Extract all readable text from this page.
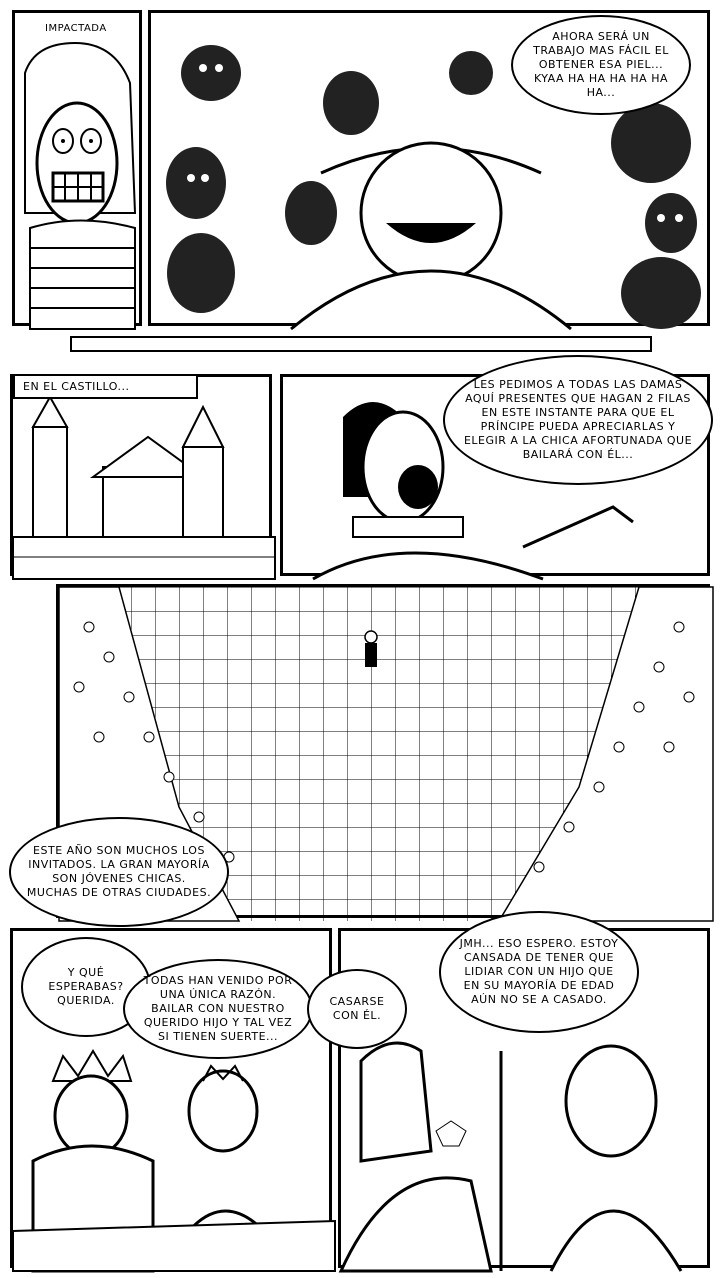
IMPACTADA
AHORA SERÁ UN TRABAJO MAS FÁCIL EL OBTENER ESA PIEL... KYAA HA HA HA HA HA HA...
EN EL CASTILLO...	LES PEDIMOS A TODAS LAS DAMAS AQUÍ PRESENTES QUE HAGAN 2 FILAS EN ESTE INSTANTE PARA QUE EL PRÍNCIPE PUEDA APRECIARLAS Y ELEGIR A LA CHICA AFORTUNADA QUE BAILARÁ CON ÉL...
ESTE AÑO SON MUCHOS LOS INVITADOS. LA GRAN MAYORÍA SON JÓVENES CHICAS. MUCHAS DE OTRAS CIUDADES.
Y QUÉ ESPERABAS? QUERIDA.
TODAS HAN VENIDO POR UNA ÚNICA RAZÓN. BAILAR CON NUESTRO QUERIDO HIJO Y TAL VEZ SI TIENEN SUERTE...
CASARSE CON ÉL.
JMH... ESO ESPERO. ESTOY CANSADA DE TENER QUE LIDIAR CON UN HIJO QUE EN SU MAYORÍA DE EDAD AÚN NO SE A CASADO.
